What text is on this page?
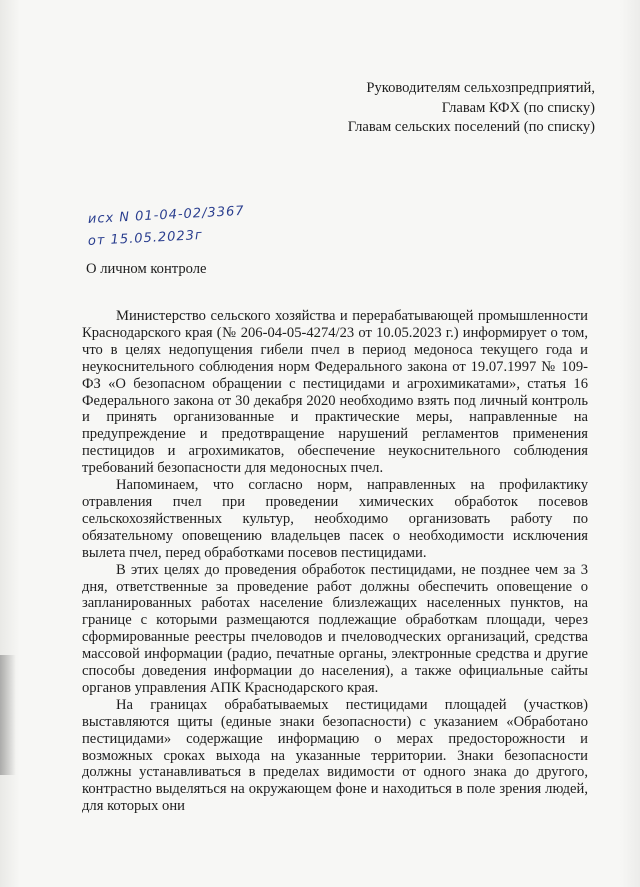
Руководителям сельхозпредприятий,
Главам КФХ (по списку)
Главам сельских поселений (по списку)
исх N 01-04-02/3367
от 15.05.2023г
О личном контроле

Министерство сельского хозяйства и перерабатывающей промышленности Краснодарского края (№ 206-04-05-4274/23 от 10.05.2023 г.) информирует о том, что в целях недопущения гибели пчел в период медоноса текущего года и неукоснительного соблюдения норм Федерального закона от 19.07.1997 № 109-ФЗ «О безопасном обращении с пестицидами и агрохимикатами», статья 16 Федерального закона от 30 декабря 2020 необходимо взять под личный контроль и принять организованные и практические меры, направленные на предупреждение и предотвращение нарушений регламентов применения пестицидов и агрохимикатов, обеспечение неукоснительного соблюдения требований безопасности для медоносных пчел.

Напоминаем, что согласно норм, направленных на профилактику отравления пчел при проведении химических обработок посевов сельскохозяйственных культур, необходимо организовать работу по обязательному оповещению владельцев пасек о необходимости исключения вылета пчел, перед обработками посевов пестицидами.

В этих целях до проведения обработок пестицидами, не позднее чем за 3 дня, ответственные за проведение работ должны обеспечить оповещение о запланированных работах население близлежащих населенных пунктов, на границе с которыми размещаются подлежащие обработкам площади, через сформированные реестры пчеловодов и пчеловодческих организаций, средства массовой информации (радио, печатные органы, электронные средства и другие способы доведения информации до населения), а также официальные сайты органов управления АПК Краснодарского края.

На границах обрабатываемых пестицидами площадей (участков) выставляются щиты (единые знаки безопасности) с указанием «Обработано пестицидами» содержащие информацию о мерах предосторожности и возможных сроках выхода на указанные территории. Знаки безопасности должны устанавливаться в пределах видимости от одного знака до другого, контрастно выделяться на окружающем фоне и находиться в поле зрения людей, для которых они
